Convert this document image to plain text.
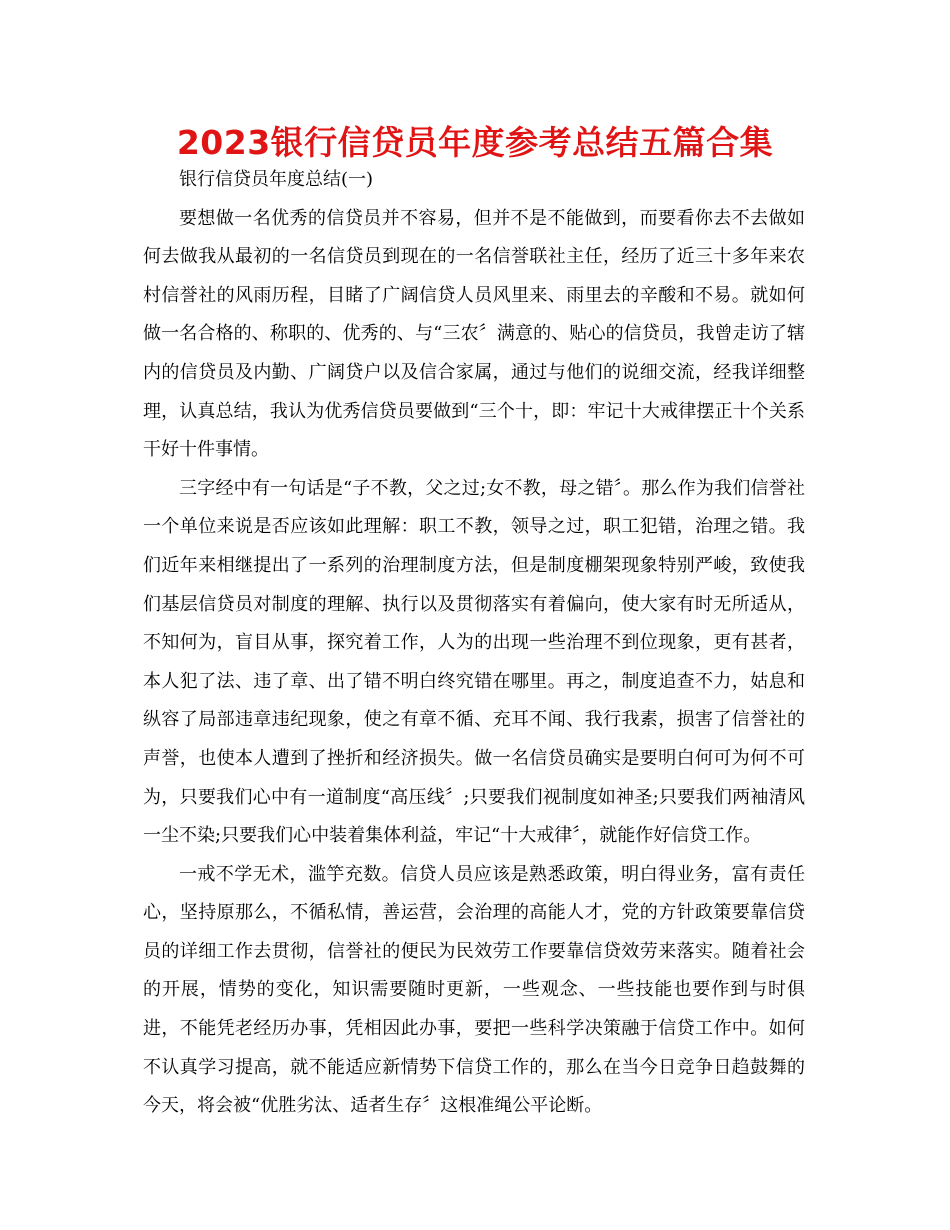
2023银行信贷员年度参考总结五篇合集

银行信贷员年度总结(一)

要想做一名优秀的信贷员并不容易，但并不是不能做到，而要看你去不去做如何去做我从最初的一名信贷员到现在的一名信誉联社主任，经历了近三十多年来农村信誉社的风雨历程，目睹了广阔信贷人员风里来、雨里去的辛酸和不易。就如何做一名合格的、称职的、优秀的、与“三农〞满意的、贴心的信贷员，我曾走访了辖内的信贷员及内勤、广阔贷户以及信合家属，通过与他们的说细交流，经我详细整理，认真总结，我认为优秀信贷员要做到“三个十，即：牢记十大戒律摆正十个关系干好十件事情。

三字经中有一句话是“子不教，父之过;女不教，母之错〞。那么作为我们信誉社一个单位来说是否应该如此理解：职工不教，领导之过，职工犯错，治理之错。我们近年来相继提出了一系列的治理制度方法，但是制度棚架现象特别严峻，致使我们基层信贷员对制度的理解、执行以及贯彻落实有着偏向，使大家有时无所适从，不知何为，盲目从事，探究着工作，人为的出现一些治理不到位现象，更有甚者，本人犯了法、违了章、出了错不明白终究错在哪里。再之，制度追查不力，姑息和纵容了局部违章违纪现象，使之有章不循、充耳不闻、我行我素，损害了信誉社的声誉，也使本人遭到了挫折和经济损失。做一名信贷员确实是要明白何可为何不可为，只要我们心中有一道制度“高压线〞;只要我们视制度如神圣;只要我们两袖清风一尘不染;只要我们心中装着集体利益，牢记“十大戒律〞，就能作好信贷工作。

一戒不学无术，滥竽充数。信贷人员应该是熟悉政策，明白得业务，富有责任心，坚持原那么，不循私情，善运营，会治理的高能人才，党的方针政策要靠信贷员的详细工作去贯彻，信誉社的便民为民效劳工作要靠信贷效劳来落实。随着社会的开展，情势的变化，知识需要随时更新，一些观念、一些技能也要作到与时俱进，不能凭老经历办事，凭相因此办事，要把一些科学决策融于信贷工作中。如何不认真学习提高，就不能适应新情势下信贷工作的，那么在当今日竞争日趋鼓舞的今天，将会被“优胜劣汰、适者生存〞这根准绳公平论断。
